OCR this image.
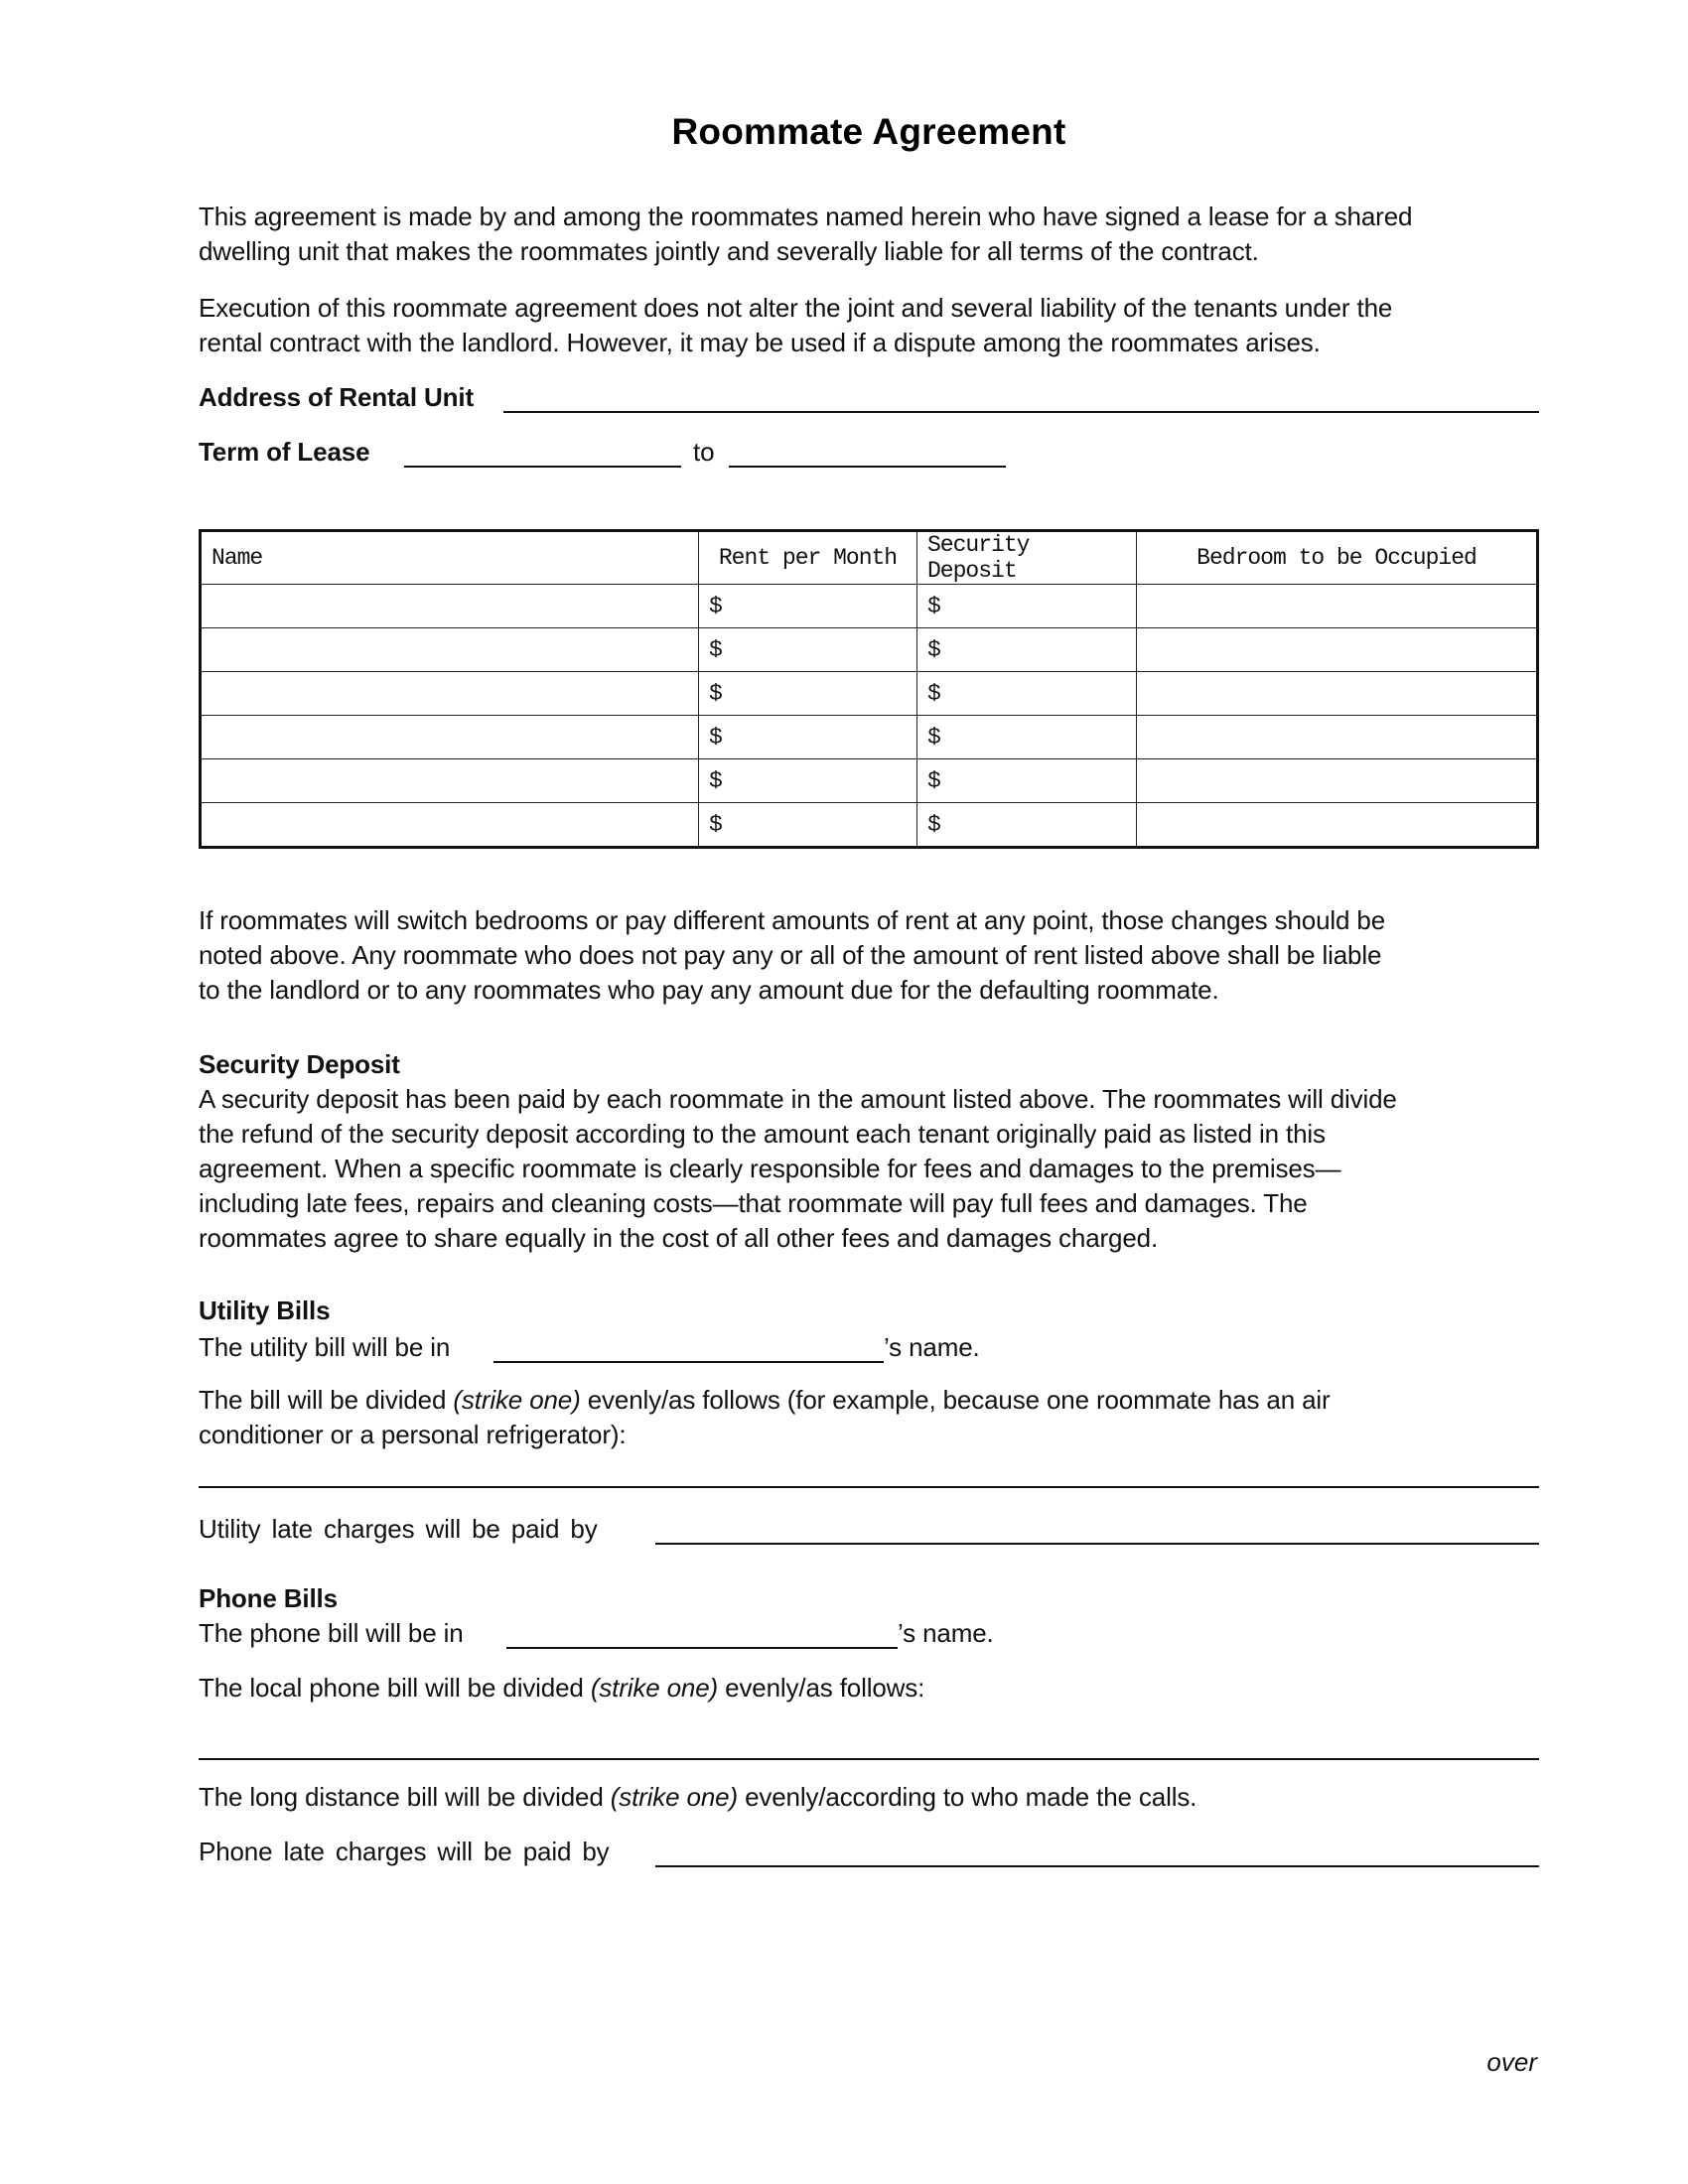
Roommate Agreement
This agreement is made by and among the roommates named herein who have signed a lease for a shared
dwelling unit that makes the roommates jointly and severally liable for all terms of the contract.
Execution of this roommate agreement does not alter the joint and several liability of the tenants under the
rental contract with the landlord. However, it may be used if a dispute among the roommates arises.
Address of Rental Unit
Term of Lease	to
Name	Rent per Month	Security Deposit	Bedroom to be Occupied
	$	$	
	$	$	
	$	$	
	$	$	
	$	$	
	$	$	
If roommates will switch bedrooms or pay different amounts of rent at any point, those changes should be
noted above. Any roommate who does not pay any or all of the amount of rent listed above shall be liable
to the landlord or to any roommates who pay any amount due for the defaulting roommate.
Security Deposit
A security deposit has been paid by each roommate in the amount listed above. The roommates will divide
the refund of the security deposit according to the amount each tenant originally paid as listed in this
agreement. When a specific roommate is clearly responsible for fees and damages to the premises—
including late fees, repairs and cleaning costs—that roommate will pay full fees and damages. The
roommates agree to share equally in the cost of all other fees and damages charged.
Utility Bills
The utility bill will be in	’s name.
The bill will be divided (strike one) evenly/as follows (for example, because one roommate has an air
conditioner or a personal refrigerator):
Utility late charges will be paid by
Phone Bills
The phone bill will be in	’s name.
The local phone bill will be divided (strike one) evenly/as follows:
The long distance bill will be divided (strike one) evenly/according to who made the calls.
Phone late charges will be paid by
over
